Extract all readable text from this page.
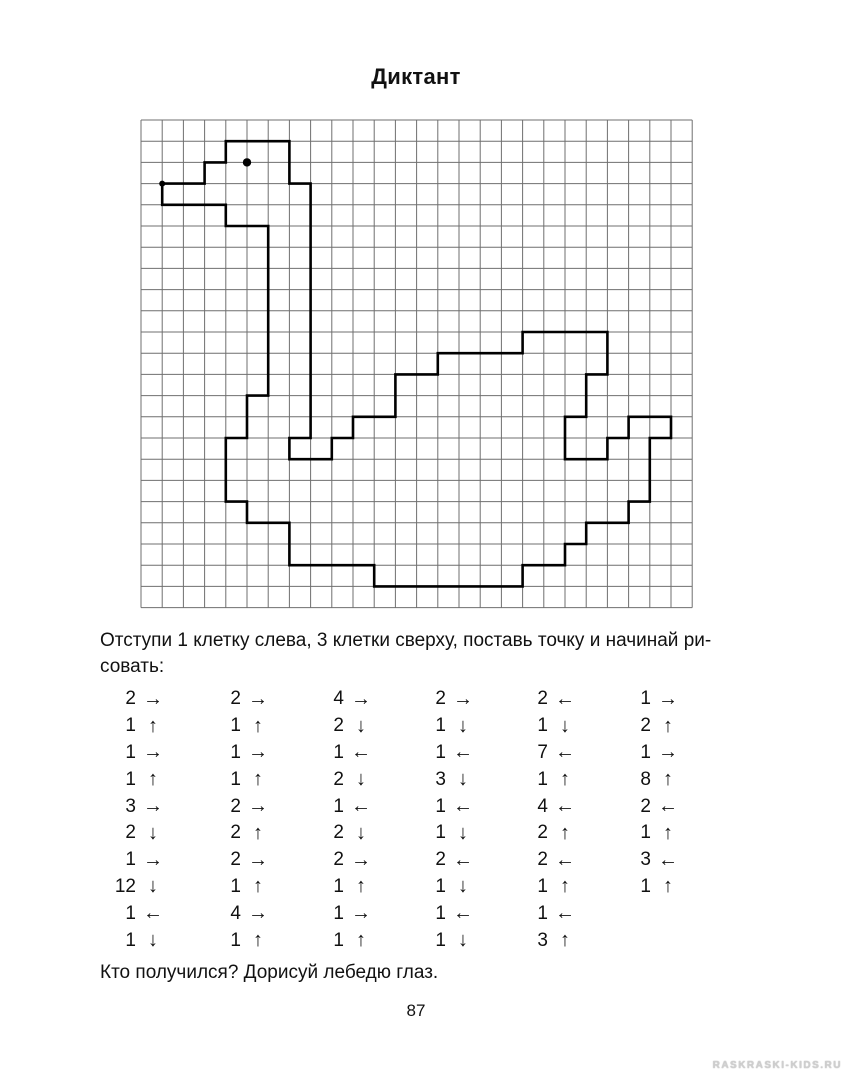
Диктант
Отступи 1 клетку слева, 3 клетки сверху, поставь точку и начинай ри-
совать:
2 →
1 ↑
1 →
1 ↑
3 →
2 ↓
1 →
12 ↓
1 ←
1 ↓
2 →
1 ↑
1 →
1 ↑
2 →
2 ↑
2 →
1 ↑
4 →
1 ↑
4 →
2 ↓
1 ←
2 ↓
1 ←
2 ↓
2 →
1 ↑
1 →
1 ↑
2 →
1 ↓
1 ←
3 ↓
1 ←
1 ↓
2 ←
1 ↓
1 ←
1 ↓
2 ←
1 ↓
7 ←
1 ↑
4 ←
2 ↑
2 ←
1 ↑
1 ←
3 ↑
1 →
2 ↑
1 →
8 ↑
2 ←
1 ↑
3 ←
1 ↑
Кто получился? Дорисуй лебедю глаз.
87
RASKRASKI-KIDS.RU
